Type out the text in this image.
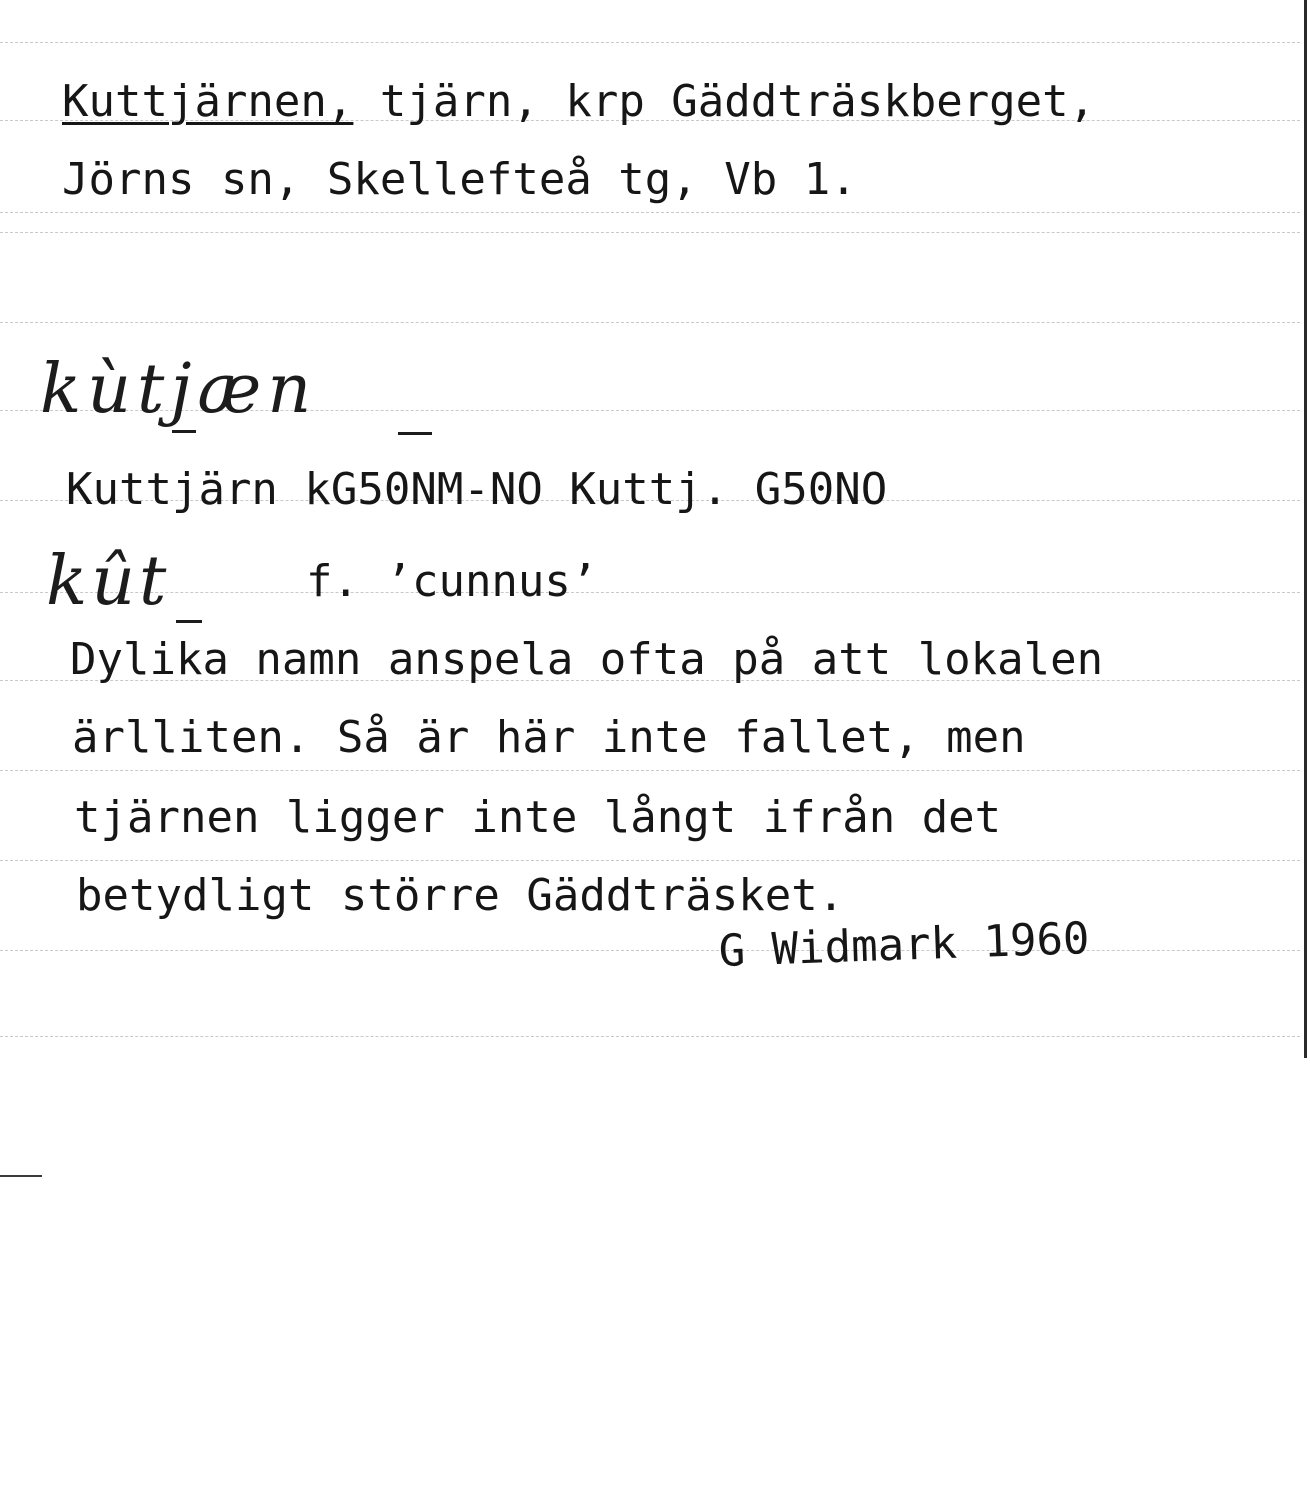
Kuttjärnen, tjärn, krp Gäddträskberget,
Jörns sn, Skellefteå tg, Vb 1.
kùtjæn
Kuttjärn kG50NM-NO Kuttj. G50NO
kût	f. ’cunnus’
Dylika namn anspela ofta på att lokalen
ärlliten. Så är här inte fallet, men
tjärnen ligger inte långt ifrån det
betydligt större Gäddträsket.
G Widmark 1960
